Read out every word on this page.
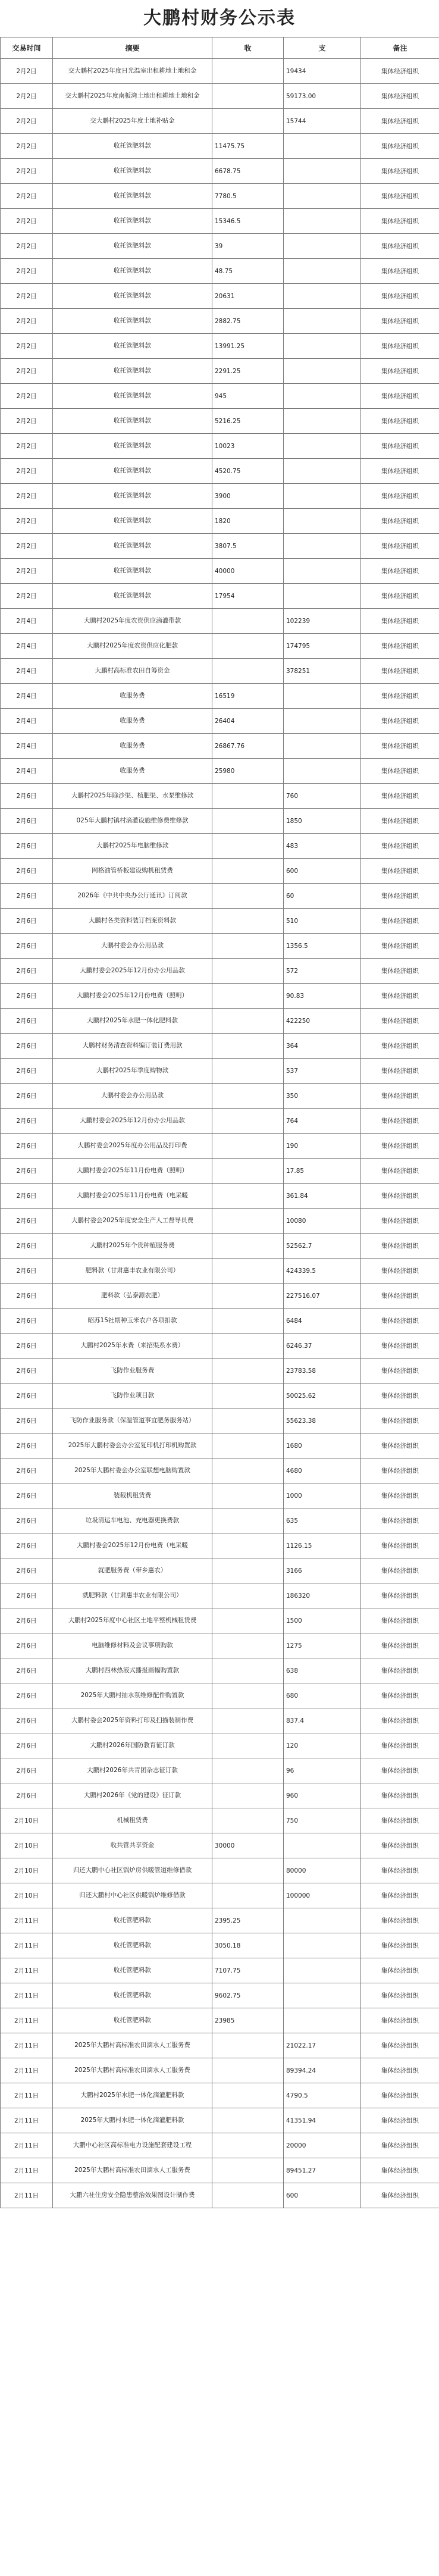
大鹏村财务公示表
交易时间	摘要	收	支	备注
2月2日	交大鹏村2025年度日光温室出租耕地土地租金		19434	集体经济组织
2月2日	交大鹏村2025年度南板湾土地出租耕地土地租金		59173.00	集体经济组织
2月2日	交大鹏村2025年度土地补贴金		15744	集体经济组织
2月2日	收托管肥料款	11475.75		集体经济组织
2月2日	收托管肥料款	6678.75		集体经济组织
2月2日	收托管肥料款	7780.5		集体经济组织
2月2日	收托管肥料款	15346.5		集体经济组织
2月2日	收托管肥料款	39		集体经济组织
2月2日	收托管肥料款	48.75		集体经济组织
2月2日	收托管肥料款	20631		集体经济组织
2月2日	收托管肥料款	2882.75		集体经济组织
2月2日	收托管肥料款	13991.25		集体经济组织
2月2日	收托管肥料款	2291.25		集体经济组织
2月2日	收托管肥料款	945		集体经济组织
2月2日	收托管肥料款	5216.25		集体经济组织
2月2日	收托管肥料款	10023		集体经济组织
2月2日	收托管肥料款	4520.75		集体经济组织
2月2日	收托管肥料款	3900		集体经济组织
2月2日	收托管肥料款	1820		集体经济组织
2月2日	收托管肥料款	3807.5		集体经济组织
2月2日	收托管肥料款	40000		集体经济组织
2月2日	收托管肥料款	17954		集体经济组织
2月4日	大鹏村2025年度农资供应滴灌带款		102239	集体经济组织
2月4日	大鹏村2025年度农资供应化肥款		174795	集体经济组织
2月4日	大鹏村高标准农田自筹资金		378251	集体经济组织
2月4日	收服务费	16519		集体经济组织
2月4日	收服务费	26404		集体经济组织
2月4日	收服务费	26867.76		集体经济组织
2月4日	收服务费	25980		集体经济组织
2月6日	大鹏村2025年除沙渠、植肥渠、水泵维修款		760	集体经济组织
2月6日	025年大鹏村镇村滴灌设施维修费维修款		1850	集体经济组织
2月6日	大鹏村2025年电脑维修款		483	集体经济组织
2月6日	网格油管桥板建设购机租赁费		600	集体经济组织
2月6日	2026年《中共中央办公厅通讯》订阅款		60	集体经济组织
2月6日	大鹏村各类资料装订档案资料款		510	集体经济组织
2月6日	大鹏村委会办公用品款		1356.5	集体经济组织
2月6日	大鹏村委会2025年12月份办公用品款		572	集体经济组织
2月6日	大鹏村委会2025年12月份电费（照明）		90.83	集体经济组织
2月6日	大鹏村2025年水肥一体化肥料款		422250	集体经济组织
2月6日	大鹏村财务清查资料编订装订费用款		364	集体经济组织
2月6日	大鹏村2025年季度购物款		537	集体经济组织
2月6日	大鹏村委会办公用品款		350	集体经济组织
2月6日	大鹏村委会2025年12月份办公用品款		764	集体经济组织
2月6日	大鹏村委会2025年度办公用品及打印费		190	集体经济组织
2月6日	大鹏村委会2025年11月份电费（照明）		17.85	集体经济组织
2月6日	大鹏村委会2025年11月份电费（电采暖		361.84	集体经济组织
2月6日	大鹏村委会2025年度安全生产人工督导员费		10080	集体经济组织
2月6日	大鹏村2025年个贵种植服务费		52562.7	集体经济组织
2月6日	肥料款（甘肃惠丰农业有限公司）		424339.5	集体经济组织
2月6日	肥料款（弘泰源农肥）		227516.07	集体经济组织
2月6日	昭苏15社期种玉米农户各项扣款		6484	集体经济组织
2月6日	大鹏村2025年水费（来招渠系水费）		6246.37	集体经济组织
2月6日	飞防作业服务费		23783.58	集体经济组织
2月6日	飞防作业项目款		50025.62	集体经济组织
2月6日	飞防作业服务款（保温管道事宜肥务服务站）		55623.38	集体经济组织
2月6日	2025年大鹏村委会办公室复印机打印机购置款		1680	集体经济组织
2月6日	2025年大鹏村委会办公室联想电脑购置款		4680	集体经济组织
2月6日	装载机租赁费		1000	集体经济组织
2月6日	垃圾清运车电池、充电器更换费款		635	集体经济组织
2月6日	大鹏村委会2025年12月份电费（电采暖		1126.15	集体经济组织
2月6日	就肥服务费（带乡惠农）		3166	集体经济组织
2月6日	就肥料款（甘肃惠丰农业有限公司）		186320	集体经济组织
2月6日	大鹏村2025年度中心社区土地平整机械租赁费		1500	集体经济组织
2月6日	电脑维修材料及会议事项购款		1275	集体经济组织
2月6日	大鹏村西林热液式播报画幅购置款		638	集体经济组织
2月6日	2025年大鹏村抽水泵维修配件购置款		680	集体经济组织
2月6日	大鹏村委会2025年资料打印及扫描装制作费		837.4	集体经济组织
2月6日	大鹏村2026年国防教育征订款		120	集体经济组织
2月6日	大鹏村2026年共青团杂志征订款		96	集体经济组织
2月6日	大鹏村2026年《党的建设》征订款		960	集体经济组织
2月10日	机械租赁费		750	集体经济组织
2月10日	收共管共享资金	30000		集体经济组织
2月10日	归还大鹏中心社区锅炉房供暖管道维修借款		80000	集体经济组织
2月10日	归还大鹏村中心社区供暖锅炉维修借款		100000	集体经济组织
2月11日	收托管肥料款	2395.25		集体经济组织
2月11日	收托管肥料款	3050.18		集体经济组织
2月11日	收托管肥料款	7107.75		集体经济组织
2月11日	收托管肥料款	9602.75		集体经济组织
2月11日	收托管肥料款	23985		集体经济组织
2月11日	2025年大鹏村高标准农田滴水人工服务费		21022.17	集体经济组织
2月11日	2025年大鹏村高标准农田滴水人工服务费		89394.24	集体经济组织
2月11日	大鹏村2025年水肥一体化滴灌肥料款		4790.5	集体经济组织
2月11日	2025年大鹏村水肥一体化滴灌肥料款		41351.94	集体经济组织
2月11日	大鹏中心社区高标准电力设施配套建设工程		20000	集体经济组织
2月11日	2025年大鹏村高标准农田滴水人工服务费		89451.27	集体经济组织
2月11日	大鹏六社住房安全隐患整治效果图设计制作费		600	集体经济组织
